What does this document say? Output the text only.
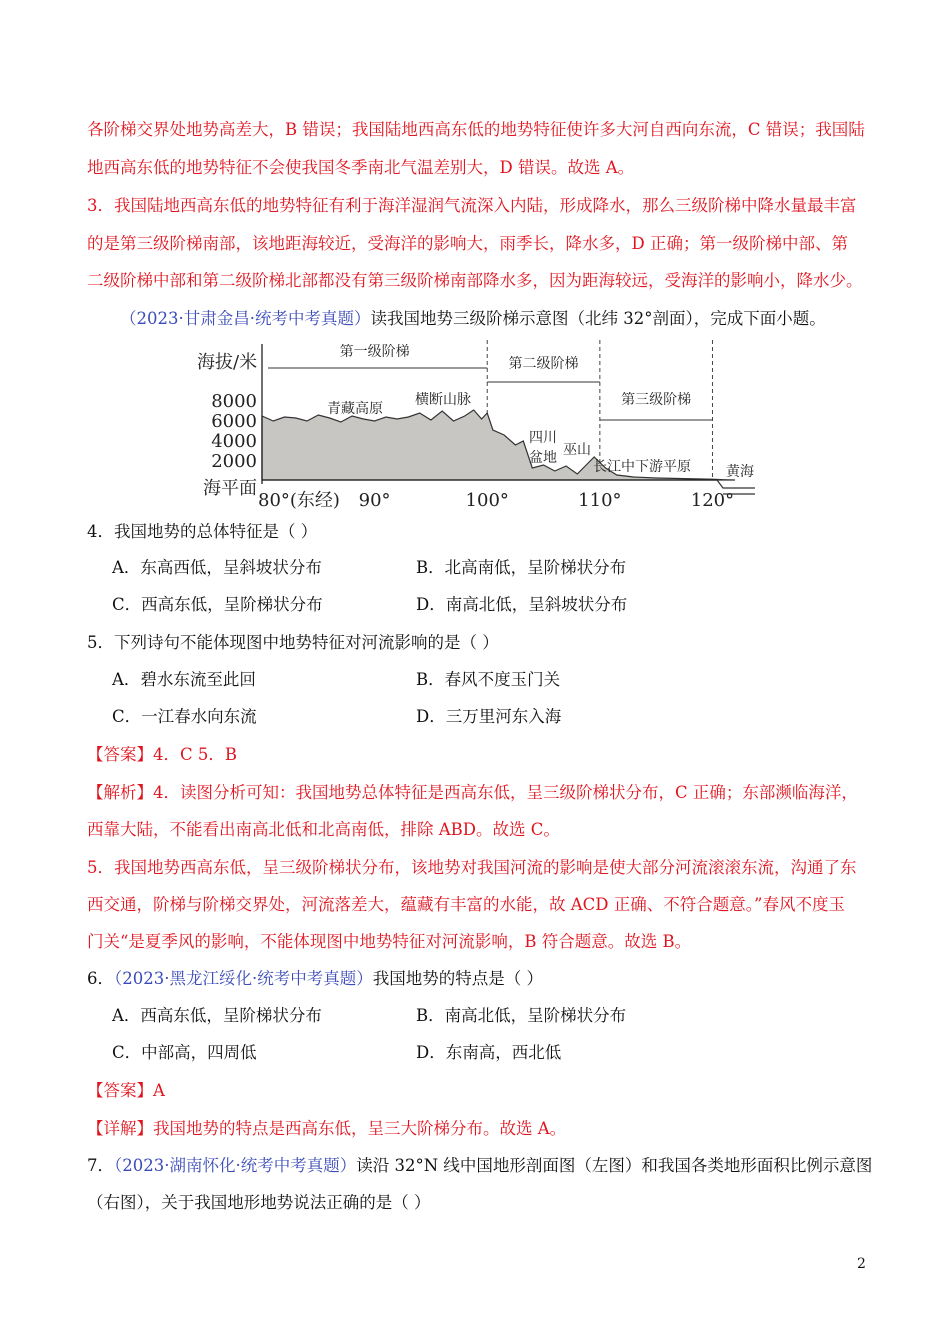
各阶梯交界处地势高差大，B 错误；我国陆地西高东低的地势特征使许多大河自西向东流，C 错误；我国陆
地西高东低的地势特征不会使我国冬季南北气温差别大，D 错误。故选 A。
3．我国陆地西高东低的地势特征有利于海洋湿润气流深入内陆，形成降水，那么三级阶梯中降水量最丰富
的是第三级阶梯南部，该地距海较近，受海洋的影响大，雨季长，降水多，D 正确；第一级阶梯中部、第
二级阶梯中部和第二级阶梯北部都没有第三级阶梯南部降水多，因为距海较远，受海洋的影响小，降水少。
（2023·甘肃金昌·统考中考真题）读我国地势三级阶梯示意图（北纬 32°剖面），完成下面小题。
第一级阶梯
第二级阶梯
第三级阶梯
海拔/米
8000
6000
4000
2000
海平面
80°(东经) 90°	100°	110°	120°
青藏高原
横断山脉
四川
盆地 巫山
长江中下游平原	黄海
4．我国地势的总体特征是（ ）
A．东高西低，呈斜坡状分布	B．北高南低，呈阶梯状分布
C．西高东低，呈阶梯状分布	D．南高北低，呈斜坡状分布
5．下列诗句不能体现图中地势特征对河流影响的是（ ）
A．碧水东流至此回	B．春风不度玉门关
C．一江春水向东流	D．三万里河东入海
【答案】4．C 5．B
【解析】4．读图分析可知：我国地势总体特征是西高东低，呈三级阶梯状分布，C 正确；东部濒临海洋，
西靠大陆，不能看出南高北低和北高南低，排除 ABD。故选 C。
5．我国地势西高东低，呈三级阶梯状分布，该地势对我国河流的影响是使大部分河流滚滚东流，沟通了东
西交通，阶梯与阶梯交界处，河流落差大，蕴藏有丰富的水能，故 ACD 正确、不符合题意。”春风不度玉
门关“是夏季风的影响，不能体现图中地势特征对河流影响，B 符合题意。故选 B。
6．（2023·黑龙江绥化·统考中考真题）我国地势的特点是（ ）
A．西高东低，呈阶梯状分布	B．南高北低，呈阶梯状分布
C．中部高，四周低	D．东南高，西北低
【答案】A
【详解】我国地势的特点是西高东低，呈三大阶梯分布。故选 A。
7．（2023·湖南怀化·统考中考真题）读沿 32°N 线中国地形剖面图（左图）和我国各类地形面积比例示意图
（右图），关于我国地形地势说法正确的是（ ）
2
